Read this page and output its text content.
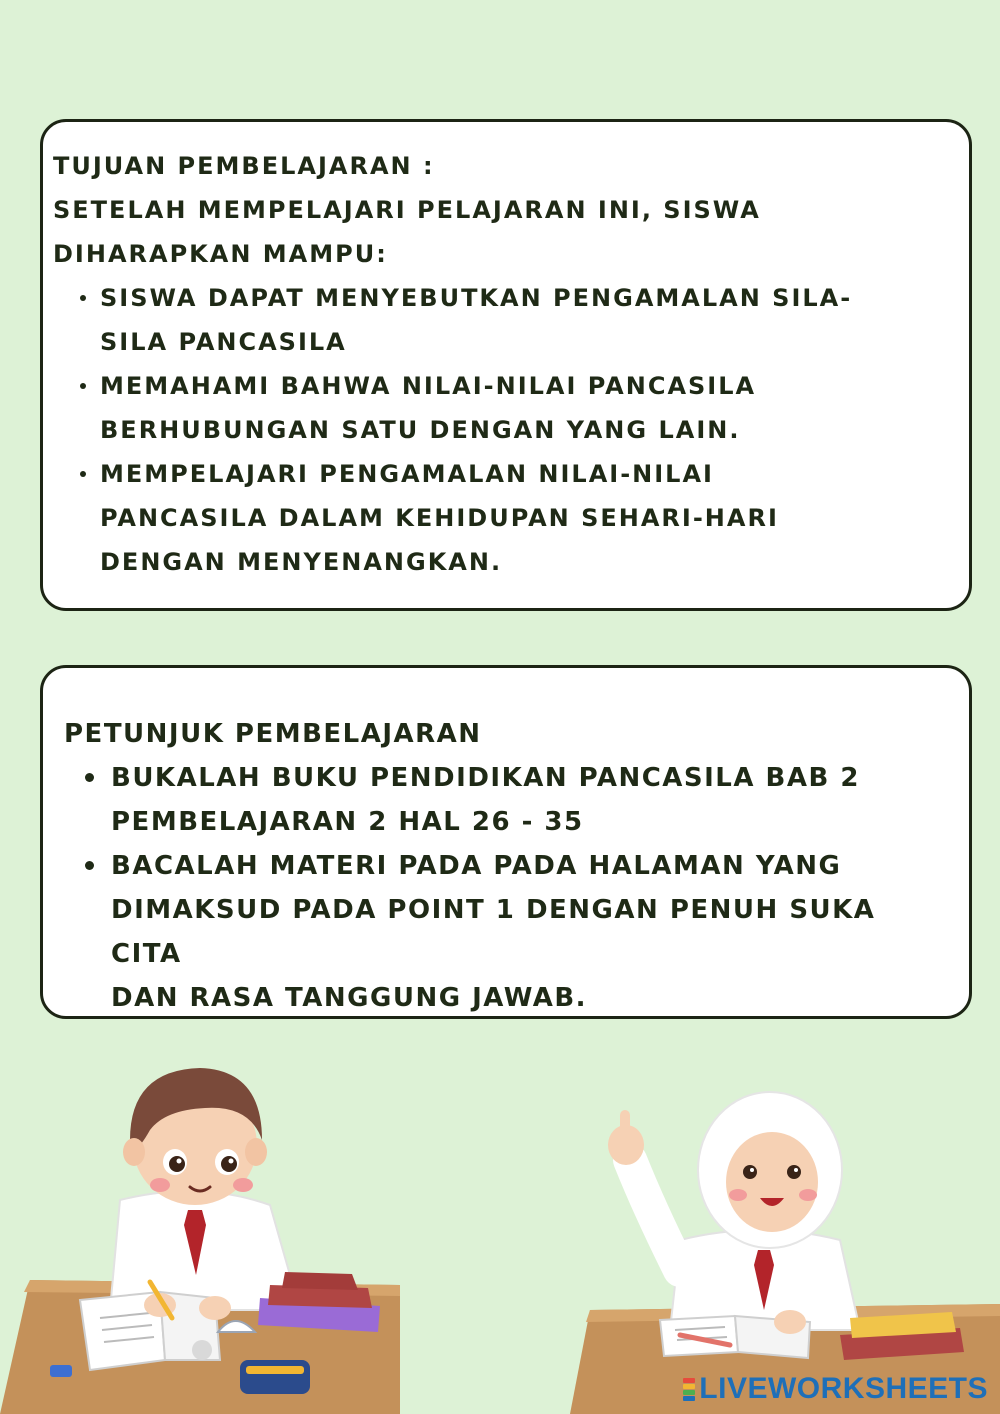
TUJUAN PEMBELAJARAN :

SETELAH MEMPELAJARI PELAJARAN INI, SISWA

DIHARAPKAN MAMPU:

SISWA DAPAT MENYEBUTKAN PENGAMALAN SILA-
SILA PANCASILA
MEMAHAMI BAHWA NILAI-NILAI PANCASILA
BERHUBUNGAN SATU DENGAN YANG LAIN.
MEMPELAJARI PENGAMALAN NILAI-NILAI
PANCASILA DALAM KEHIDUPAN SEHARI-HARI
DENGAN MENYENANGKAN.

PETUNJUK PEMBELAJARAN

BUKALAH BUKU PENDIDIKAN PANCASILA BAB 2
PEMBELAJARAN 2 HAL 26 - 35
BACALAH MATERI PADA PADA HALAMAN YANG
DIMAKSUD PADA POINT 1 DENGAN PENUH SUKA CITA
DAN RASA TANGGUNG JAWAB.
LIVEWORKSHEETS
